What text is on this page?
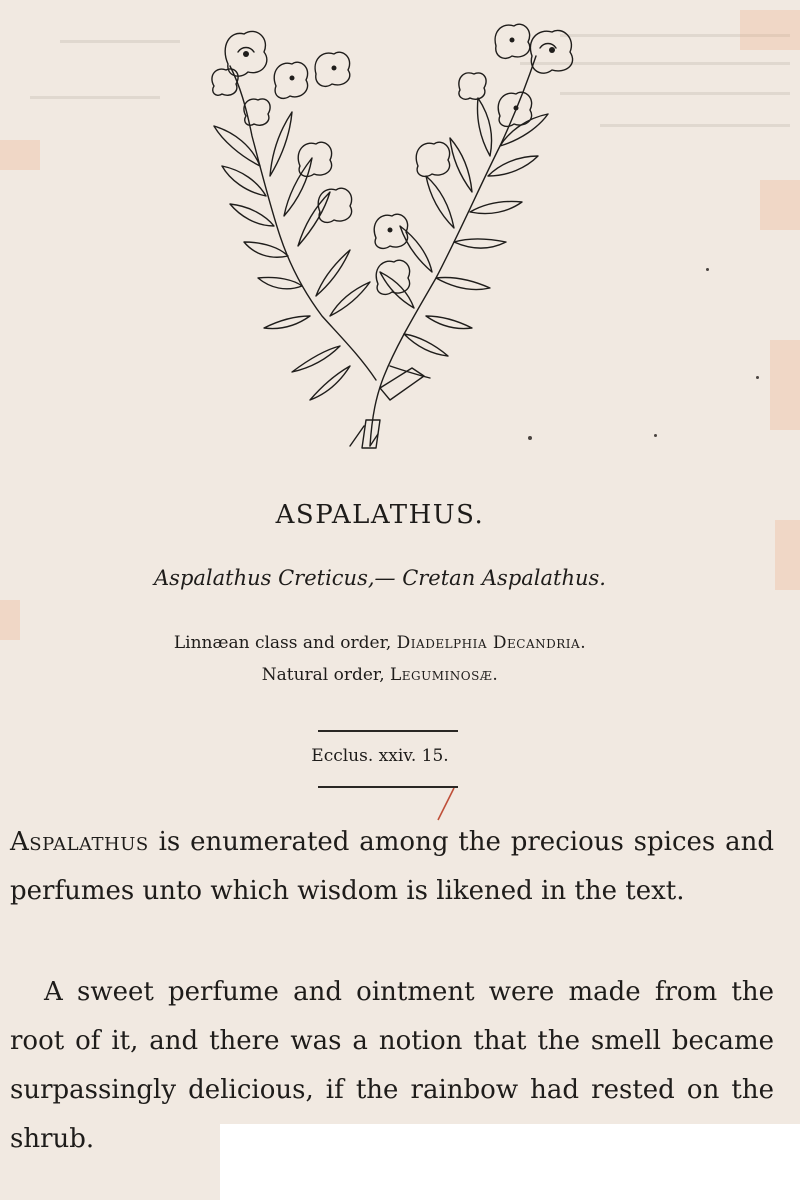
ASPALATHUS.
Aspalathus Creticus,— Cretan Aspalathus.
Linnæan class and order, Diadelphia Decandria.
Natural order, Leguminosæ.
Ecclus. xxiv. 15.

Aspalathus is enumerated among the precious spices and perfumes unto which wisdom is likened in the text.

A sweet perfume and ointment were made from the root of it, and there was a notion that the smell became surpassingly delicious, if the rainbow had rested on the shrub.
